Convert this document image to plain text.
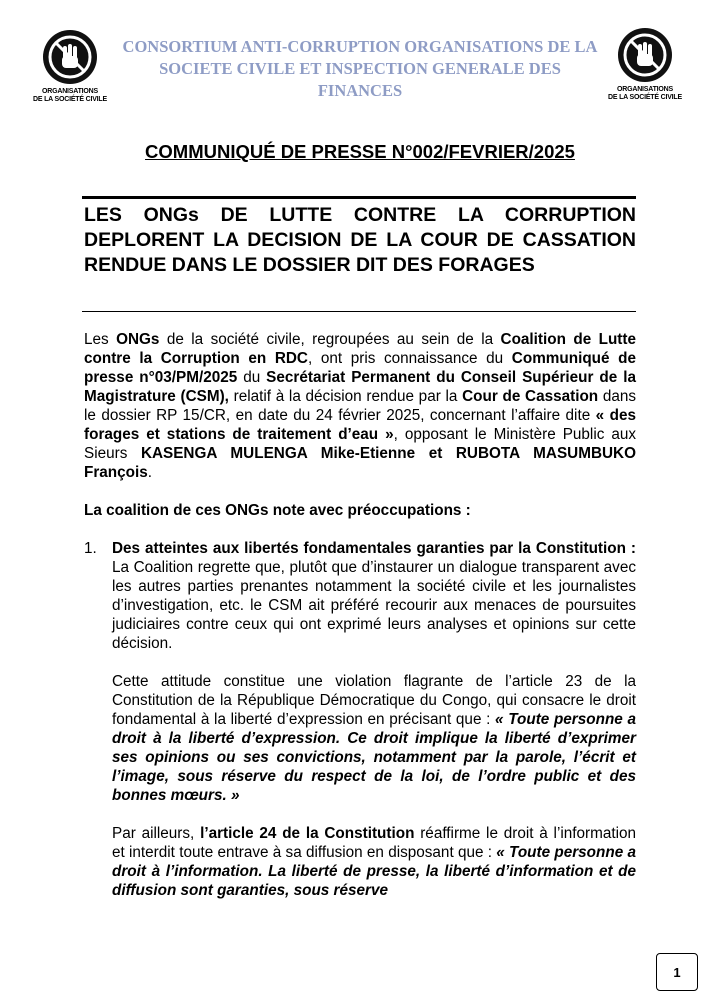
ORGANISATIONS
DE LA SOCIÉTÉ CIVILE
ORGANISATIONS
DE LA SOCIÉTÉ CIVILE
CONSORTIUM ANTI-CORRUPTION ORGANISATIONS DE LA SOCIETE CIVILE ET INSPECTION GENERALE DES FINANCES
COMMUNIQUÉ DE PRESSE N°002/FEVRIER/2025
LES ONGs DE LUTTE CONTRE LA CORRUPTION DEPLORENT LA DECISION DE LA COUR DE CASSATION RENDUE DANS LE DOSSIER DIT DES FORAGES

Les ONGs de la société civile, regroupées au sein de la Coalition de Lutte contre la Corruption en RDC, ont pris connaissance du Communiqué de presse n°03/PM/2025 du Secrétariat Permanent du Conseil Supérieur de la Magistrature (CSM), relatif à la décision rendue par la Cour de Cassation dans le dossier RP 15/CR, en date du 24 février 2025, concernant l’affaire dite « des forages et stations de traitement d’eau », opposant le Ministère Public aux Sieurs KASENGA MULENGA Mike-Etienne et RUBOTA MASUMBUKO François.

La coalition de ces ONGs note avec préoccupations :

1. Des atteintes aux libertés fondamentales garanties par la Constitution : La Coalition regrette que, plutôt que d’instaurer un dialogue transparent avec les autres parties prenantes notamment la société civile et les journalistes d’investigation, etc. le CSM ait préféré recourir aux menaces de poursuites judiciaires contre ceux qui ont exprimé leurs analyses et opinions sur cette décision.

Cette attitude constitue une violation flagrante de l’article 23 de la Constitution de la République Démocratique du Congo, qui consacre le droit fondamental à la liberté d’expression en précisant que : « Toute personne a droit à la liberté d’expression. Ce droit implique la liberté d’exprimer ses opinions ou ses convictions, notamment par la parole, l’écrit et l’image, sous réserve du respect de la loi, de l’ordre public et des bonnes mœurs. »

Par ailleurs, l’article 24 de la Constitution réaffirme le droit à l’information et interdit toute entrave à sa diffusion en disposant que : « Toute personne a droit à l’information. La liberté de presse, la liberté d’information et de diffusion sont garanties, sous réserve

1
